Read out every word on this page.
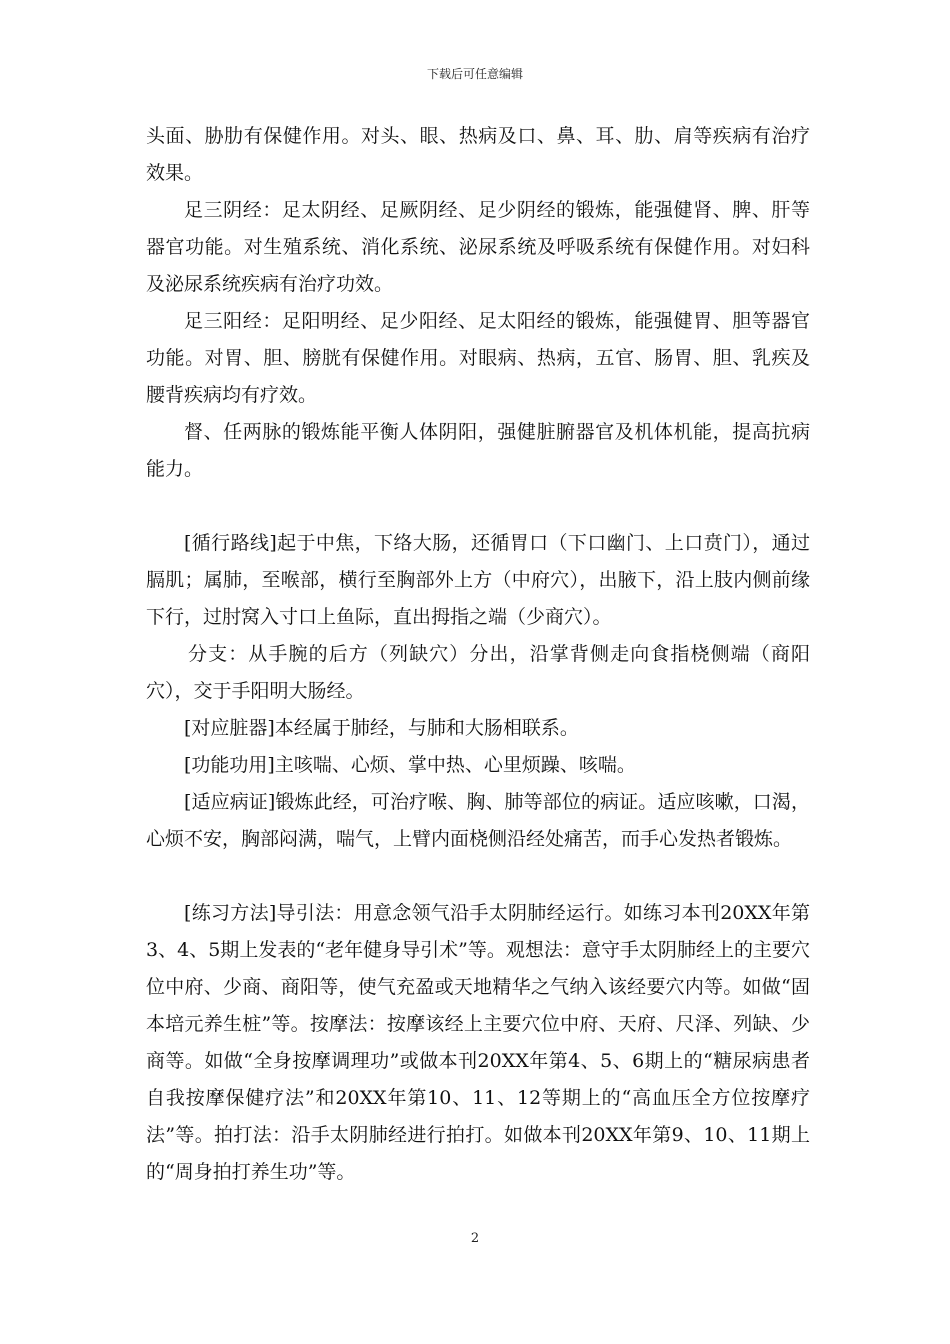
下载后可任意编辑

头面、胁肋有保健作用。对头、眼、热病及口、鼻、耳、肋、肩等疾病有治疗效果。

足三阴经：足太阴经、足厥阴经、足少阴经的锻炼，能强健肾、脾、肝等器官功能。对生殖系统、消化系统、泌尿系统及呼吸系统有保健作用。对妇科及泌尿系统疾病有治疗功效。

足三阳经：足阳明经、足少阳经、足太阳经的锻炼，能强健胃、胆等器官功能。对胃、胆、膀胱有保健作用。对眼病、热病，五官、肠胃、胆、乳疾及腰背疾病均有疗效。

督、任两脉的锻炼能平衡人体阴阳，强健脏腑器官及机体机能，提高抗病能力。

[循行路线]起于中焦，下络大肠，还循胃口（下口幽门、上口贲门），通过膈肌；属肺，至喉部，横行至胸部外上方（中府穴），出腋下，沿上肢内侧前缘下行，过肘窝入寸口上鱼际，直出拇指之端（少商穴）。

分支：从手腕的后方（列缺穴）分出，沿掌背侧走向食指桡侧端（商阳穴），交于手阳明大肠经。

[对应脏器]本经属于肺经，与肺和大肠相联系。

[功能功用]主咳喘、心烦、掌中热、心里烦躁、咳喘。

[适应病证]锻炼此经，可治疗喉、胸、肺等部位的病证。适应咳嗽，口渴，心烦不安，胸部闷满，喘气，上臂内面桡侧沿经处痛苦，而手心发热者锻炼。

[练习方法]导引法：用意念领气沿手太阴肺经运行。如练习本刊20XX年第3、4、5期上发表的“老年健身导引术”等。观想法：意守手太阴肺经上的主要穴位中府、少商、商阳等，使气充盈或天地精华之气纳入该经要穴内等。如做“固本培元养生桩”等。按摩法：按摩该经上主要穴位中府、天府、尺泽、列缺、少商等。如做“全身按摩调理功”或做本刊20XX年第4、5、6期上的“糖尿病患者自我按摩保健疗法”和20XX年第10、11、12等期上的“高血压全方位按摩疗法”等。拍打法：沿手太阴肺经进行拍打。如做本刊20XX年第9、10、11期上的“周身拍打养生功”等。

2
